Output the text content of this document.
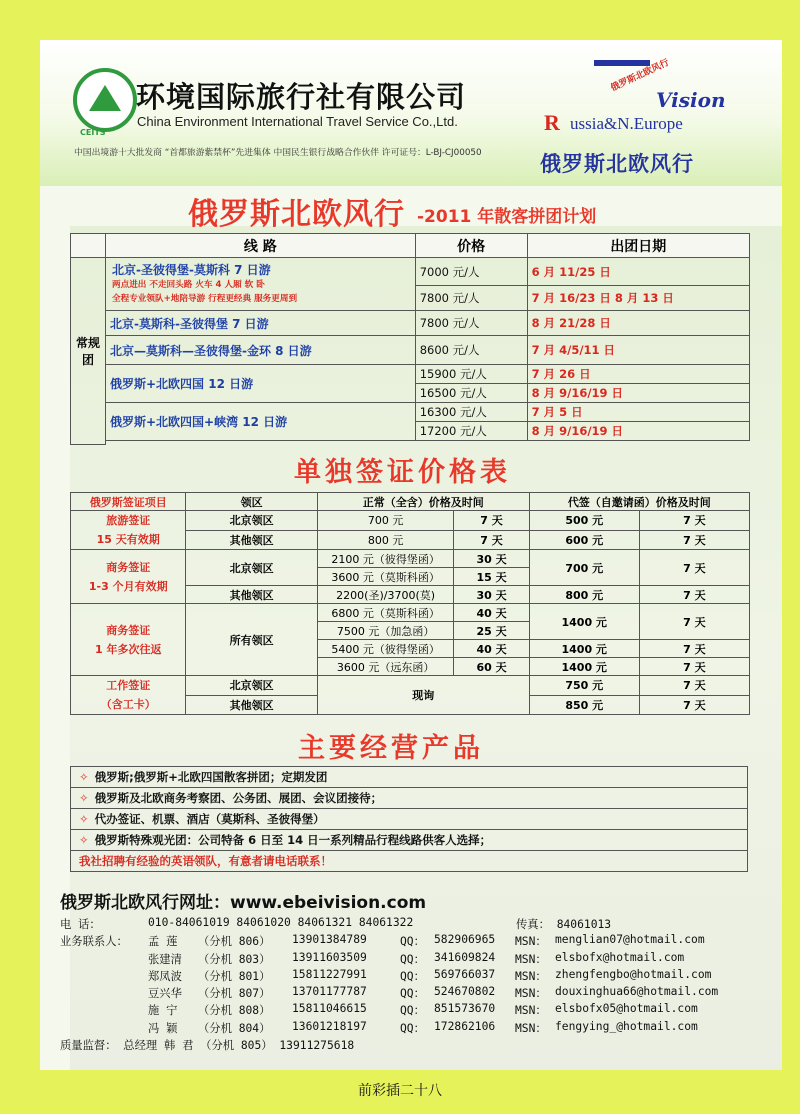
CEITS
环境国际旅行社有限公司
China Environment International Travel Service Co.,Ltd.
中国出境游十大批发商 “首都旅游紫禁杯”先进集体 中国民生银行战略合作伙伴 许可证号：L-BJ-CJ00050
俄罗斯北欧风行
Vision
R ussia&N.Europe
俄罗斯北欧风行
俄罗斯北欧风行 -2011 年散客拼团计划
	线 路	价格	出团日期
常规团	北京-圣彼得堡-莫斯科 7 日游
两点进出 不走回头路 火车 4 人厢 软 卧
全程专业领队+地陪导游 行程更经典 服务更周到	7000 元/人	6 月 11/25 日
		7800 元/人	7 月 16/23 日 8 月 13 日
	北京-莫斯科-圣彼得堡 7 日游	7800 元/人	8 月 21/28 日
	北京—莫斯科—圣彼得堡-金环 8 日游	8600 元/人	7 月 4/5/11 日
	俄罗斯+北欧四国 12 日游	15900 元/人	7 月 26 日
		16500 元/人	8 月 9/16/19 日
	俄罗斯+北欧四国+峡湾 12 日游	16300 元/人	7 月 5 日
		17200 元/人	8 月 9/16/19 日

单独签证价格表
俄罗斯签证项目	领区	正常（全含）价格及时间		代签（自邀请函）价格及时间	

旅游签证
15 天有效期	北京领区	700 元	7 天	500 元	7 天
	其他领区	800 元	7 天	600 元	7 天

商务签证
1-3 个月有效期	北京领区	2100 元（彼得堡函）	30 天	700 元	7 天
		3600 元（莫斯科函）	15 天		
	其他领区	2200(圣)/3700(莫)	30 天	800 元	7 天

商务签证
1 年多次往返	所有领区	6800 元（莫斯科函）	40 天	1400 元	7 天
		7500 元（加急函）	25 天		
		5400 元（彼得堡函）	40 天	1400 元	7 天
		3600 元（远东函）	60 天	1400 元	7 天

工作签证
（含工卡）	北京领区	现询		750 元	7 天
	其他领区			850 元	7 天
主要经营产品
✧ 俄罗斯;俄罗斯+北欧四国散客拼团；定期发团
✧ 俄罗斯及北欧商务考察团、公务团、展团、会议团接待；
✧ 代办签证、机票、酒店（莫斯科、圣彼得堡）
✧ 俄罗斯特殊观光团：公司特备 6 日至 14 日一系列精品行程线路供客人选择；
我社招聘有经验的英语领队，有意者请电话联系！
俄罗斯北欧风行网址：www.ebeivision.com
电 话：	010-84061019 84061020 84061321 84061322	传真： 84061013
业务联系人： 孟 莲 （分机 806） 13901384789	QQ： 582906965 MSN： menglian07@hotmail.com
张建清 （分机 803） 13911603509	QQ： 341609824 MSN： elsbofx@hotmail.com
郑凤波 （分机 801） 15811227991	QQ： 569766037 MSN： zhengfengbo@hotmail.com
豆兴华 （分机 807） 13701177787	QQ： 524670802 MSN： douxinghua66@hotmail.com
施 宁 （分机 808） 15811046615	QQ： 851573670 MSN： elsbofx05@hotmail.com
冯 颖 （分机 804） 13601218197	QQ： 172862106 MSN： fengying_@hotmail.com
质量监督： 总经理 韩 君 （分机 805） 13911275618
前彩插二十八
